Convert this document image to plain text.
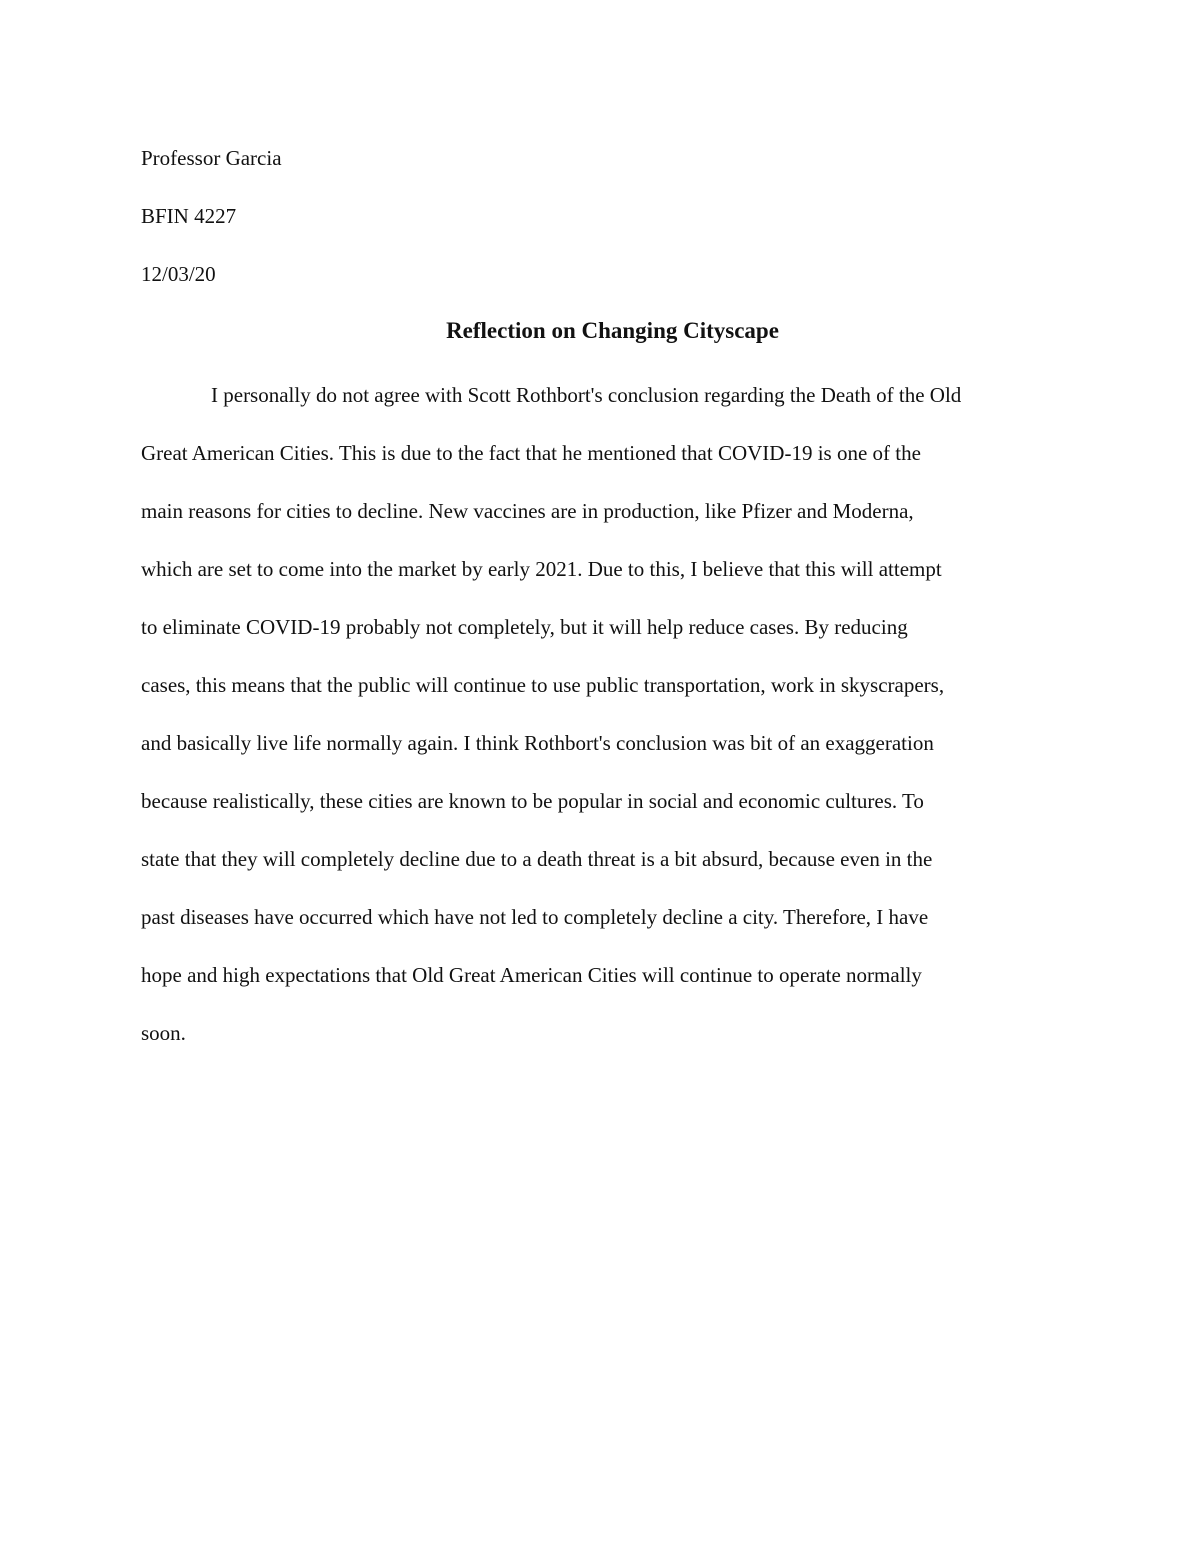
Professor Garcia
BFIN 4227
12/03/20
Reflection on Changing Cityscape
I personally do not agree with Scott Rothbort's conclusion regarding the Death of the Old
Great American Cities. This is due to the fact that he mentioned that COVID-19 is one of the
main reasons for cities to decline. New vaccines are in production, like Pfizer and Moderna,
which are set to come into the market by early 2021. Due to this, I believe that this will attempt
to eliminate COVID-19 probably not completely, but it will help reduce cases. By reducing
cases, this means that the public will continue to use public transportation, work in skyscrapers,
and basically live life normally again. I think Rothbort's conclusion was bit of an exaggeration
because realistically, these cities are known to be popular in social and economic cultures. To
state that they will completely decline due to a death threat is a bit absurd, because even in the
past diseases have occurred which have not led to completely decline a city. Therefore, I have
hope and high expectations that Old Great American Cities will continue to operate normally
soon.
